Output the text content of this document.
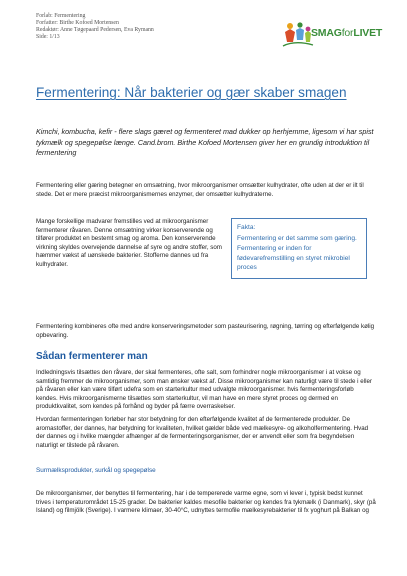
Forlab: Fermentering
Forfatter: Birthe Kofoed Mortensen
Redaktør: Anne Tøgepaard Pedersen, Eva Rymann
Side: 1/13	SMAGforLIVET
Fermentering: Når bakterier og gær skaber smagen

Kimchi, kombucha, kefir - flere slags gæret og fermenteret mad dukker op herhjemme, ligesom vi har spist tykmælk og spegepølse længe. Cand.brom. Birthe Kofoed Mortensen giver her en grundig introduktion til fermentering

Fermentering eller gæring betegner en omsætning, hvor mikroorganismer omsætter kulhydrater, ofte uden at der er ilt til stede. Det er mere præcist mikroorganismernes enzymer, der omsætter kulhydraterne.

Mange forskellige madvarer fremstilles ved at mikroorganismer fermenterer råvaren. Denne omsætning virker konserverende og tilfører produktet en bestemt smag og aroma. Den konserverende virkning skyldes overvejende dannelse af syre og andre stoffer, som hæmmer vækst af uønskede bakterier. Stofferne dannes ud fra kulhydrater.

Fakta:

Fermentering er det samme som gæring. Fermentering er inden for fødevarefremstilling en styret mikrobiel proces

Fermentering kombineres ofte med andre konserveringsmetoder som pasteurisering, røgning, tørring og efterfølgende kølig opbevaring.

Sådan fermenterer man

Indledningsvis tilsættes den råvare, der skal fermenteres, ofte salt, som forhindrer nogle mikroorganismer i at vokse og samtidig fremmer de mikroorganismer, som man ønsker vækst af. Disse mikroorganismer kan naturligt være til stede i eller på råvaren eller kan være tilført udefra som en starterkultur med udvalgte mikroorganismer. hvis fermenteringsforløb kendes. Hvis mikroorganismerne tilsættes som starterkultur, vil man have en mere styret proces og dermed en produktkvalitet, som kendes på forhånd og byder på færre overraskelser.

Hvordan fermenteringen forløber har stor betydning for den efterfølgende kvalitet af de fermenterede produkter. De aromastoffer, der dannes, har betydning for kvaliteten, hvilket gælder både ved mælkesyre- og alkoholfermentering. Hvad der dannes og i hvilke mængder afhænger af de fermenteringsorganismer, der er anvendt eller som fra begyndelsen naturligt er tilstede på råvaren.

Surmælksprodukter, surkål og spegepølse

De mikroorganismer, der benyttes til fermentering, har i de tempererede varme egne, som vi lever i, typisk bedst kunnet trives i temperaturområdet 15-25 grader. De bakterier kaldes mesofile bakterier og kendes fra tykmælk (i Danmark), skyr (på Island) og filmjölk (Sverige). I varmere klimaer, 30-40°C, udnyttes termofile mælkesyrebakterier til fx yoghurt på Balkan og
